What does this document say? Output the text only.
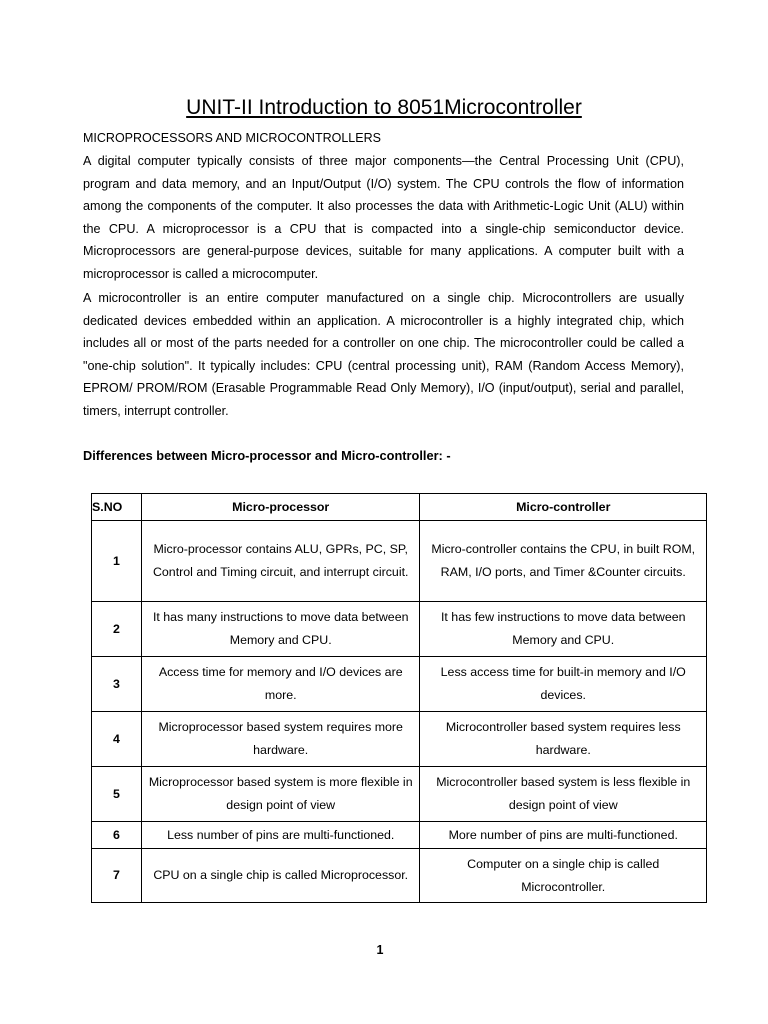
UNIT-II Introduction to 8051Microcontroller
MICROPROCESSORS AND MICROCONTROLLERS

A digital computer typically consists of three major components—the Central Processing Unit (CPU), program and data memory, and an Input/Output (I/O) system. The CPU controls the flow of information among the components of the computer. It also processes the data with Arithmetic-Logic Unit (ALU) within the CPU. A microprocessor is a CPU that is compacted into a single-chip semiconductor device. Microprocessors are general-purpose devices, suitable for many applications. A computer built with a microprocessor is called a microcomputer.

A microcontroller is an entire computer manufactured on a single chip. Microcontrollers are usually dedicated devices embedded within an application. A microcontroller is a highly integrated chip, which includes all or most of the parts needed for a controller on one chip. The microcontroller could be called a "one-chip solution". It typically includes: CPU (central processing unit), RAM (Random Access Memory), EPROM/ PROM/ROM (Erasable Programmable Read Only Memory), I/O (input/output), serial and parallel, timers, interrupt controller.

Differences between Micro-processor and Micro-controller: -
S.NO	Micro-processor	Micro-controller
1	Micro-processor contains ALU, GPRs, PC, SP, Control and Timing circuit, and interrupt circuit.	Micro-controller contains the CPU, in built ROM, RAM, I/O ports, and Timer &Counter circuits.
2	It has many instructions to move data between Memory and CPU.	It has few instructions to move data between Memory and CPU.
3	Access time for memory and I/O devices are more.	Less access time for built-in memory and I/O devices.
4	Microprocessor based system requires more hardware.	Microcontroller based system requires less hardware.
5	Microprocessor based system is more flexible in design point of view	Microcontroller based system is less flexible in design point of view
6	Less number of pins are multi-functioned.	More number of pins are multi-functioned.
7	CPU on a single chip is called Microprocessor.	Computer on a single chip is called Microcontroller.
1
